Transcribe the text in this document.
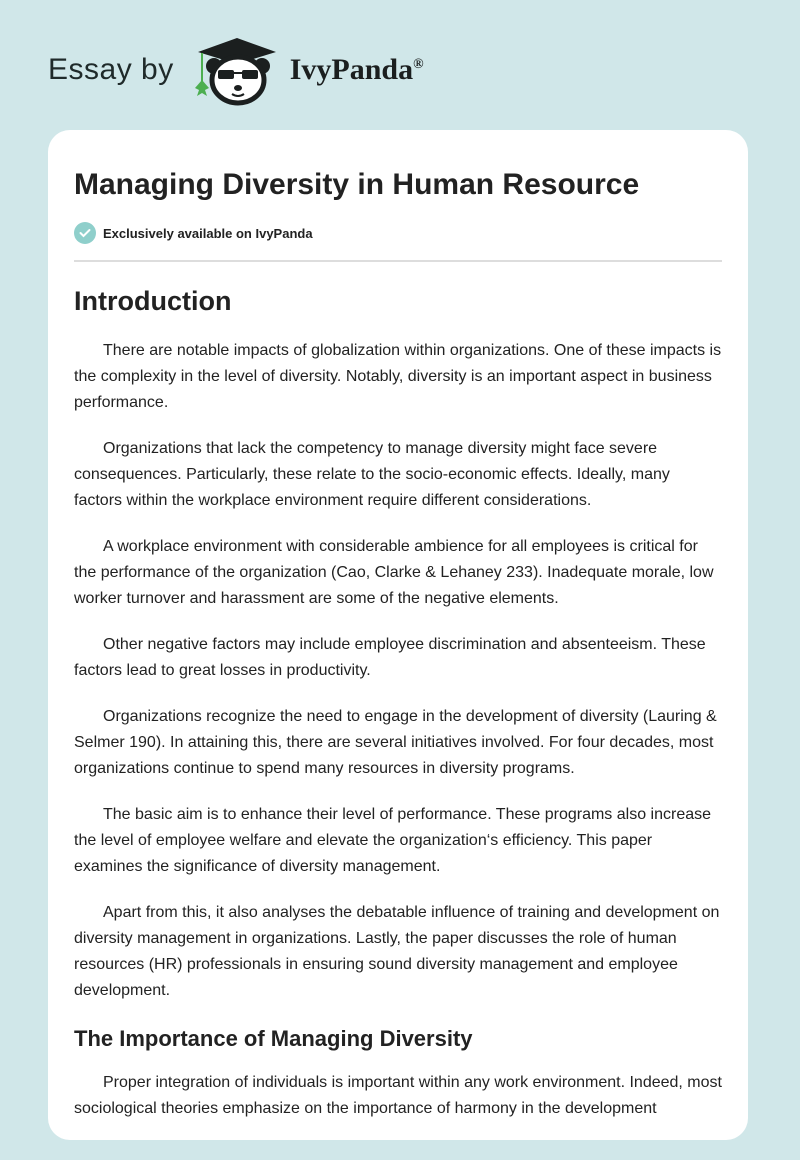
Essay by	IvyPanda®
Managing Diversity in Human Resource
Exclusively available on IvyPanda
Introduction

There are notable impacts of globalization within organizations. One of these impacts is the complexity in the level of diversity. Notably, diversity is an important aspect in business performance.

Organizations that lack the competency to manage diversity might face severe consequences. Particularly, these relate to the socio-economic effects. Ideally, many factors within the workplace environment require different considerations.

A workplace environment with considerable ambience for all employees is critical for the performance of the organization (Cao, Clarke & Lehaney 233). Inadequate morale, low worker turnover and harassment are some of the negative elements.

Other negative factors may include employee discrimination and absenteeism. These factors lead to great losses in productivity.

Organizations recognize the need to engage in the development of diversity (Lauring & Selmer 190). In attaining this, there are several initiatives involved. For four decades, most organizations continue to spend many resources in diversity programs.

The basic aim is to enhance their level of performance. These programs also increase the level of employee welfare and elevate the organization‘s efficiency. This paper examines the significance of diversity management.

Apart from this, it also analyses the debatable influence of training and development on diversity management in organizations. Lastly, the paper discusses the role of human resources (HR) professionals in ensuring sound diversity management and employee development.

The Importance of Managing Diversity

Proper integration of individuals is important within any work environment. Indeed, most sociological theories emphasize on the importance of harmony in the development
